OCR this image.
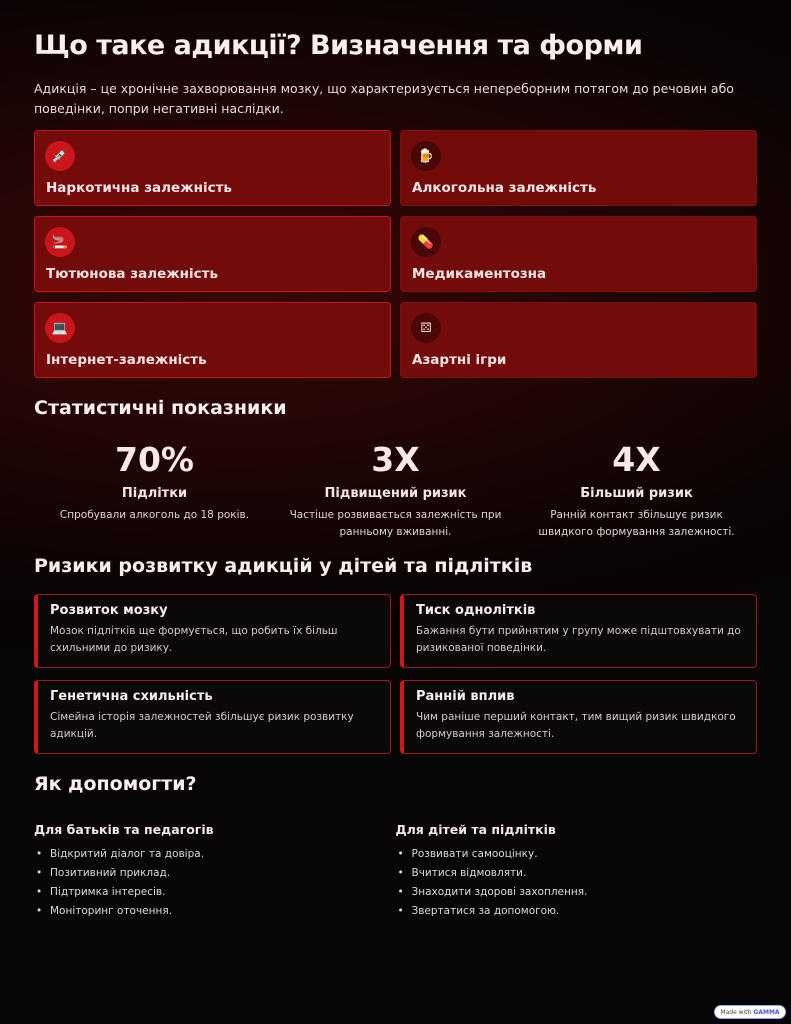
Що таке адикції? Визначення та форми

Адикція – це хронічне захворювання мозку, що характеризується непереборним потягом до речовин або поведінки, попри негативні наслідки.

💉
Наркотична залежність
🍺
Алкогольна залежність
🚬
Тютюнова залежність
💊
Медикаментозна
💻
Інтернет-залежність
⚄
Азартні ігри
Статистичні показники
70%
Підлітки
Спробували алкоголь до 18 років.
3X
Підвищений ризик
Частіше розвивається залежність при ранньому вживанні.
4X
Більший ризик
Ранній контакт збільшує ризик швидкого формування залежності.
Ризики розвитку адикцій у дітей та підлітків
Розвиток мозку
Мозок підлітків ще формується, що робить їх більш схильними до ризику.
Тиск однолітків
Бажання бути прийнятим у групу може підштовхувати до ризикованої поведінки.
Генетична схильність
Сімейна історія залежностей збільшує ризик розвитку адикцій.
Ранній вплив
Чим раніше перший контакт, тим вищий ризик швидкого формування залежності.
Як допомогти?
Для батьків та педагогів
• Відкритий діалог та довіра.
• Позитивний приклад.
• Підтримка інтересів.
• Моніторинг оточення.
Для дітей та підлітків
• Розвивати самооцінку.
• Вчитися відмовляти.
• Знаходити здорові захоплення.
• Звертатися за допомогою.
Made with GAMMA
